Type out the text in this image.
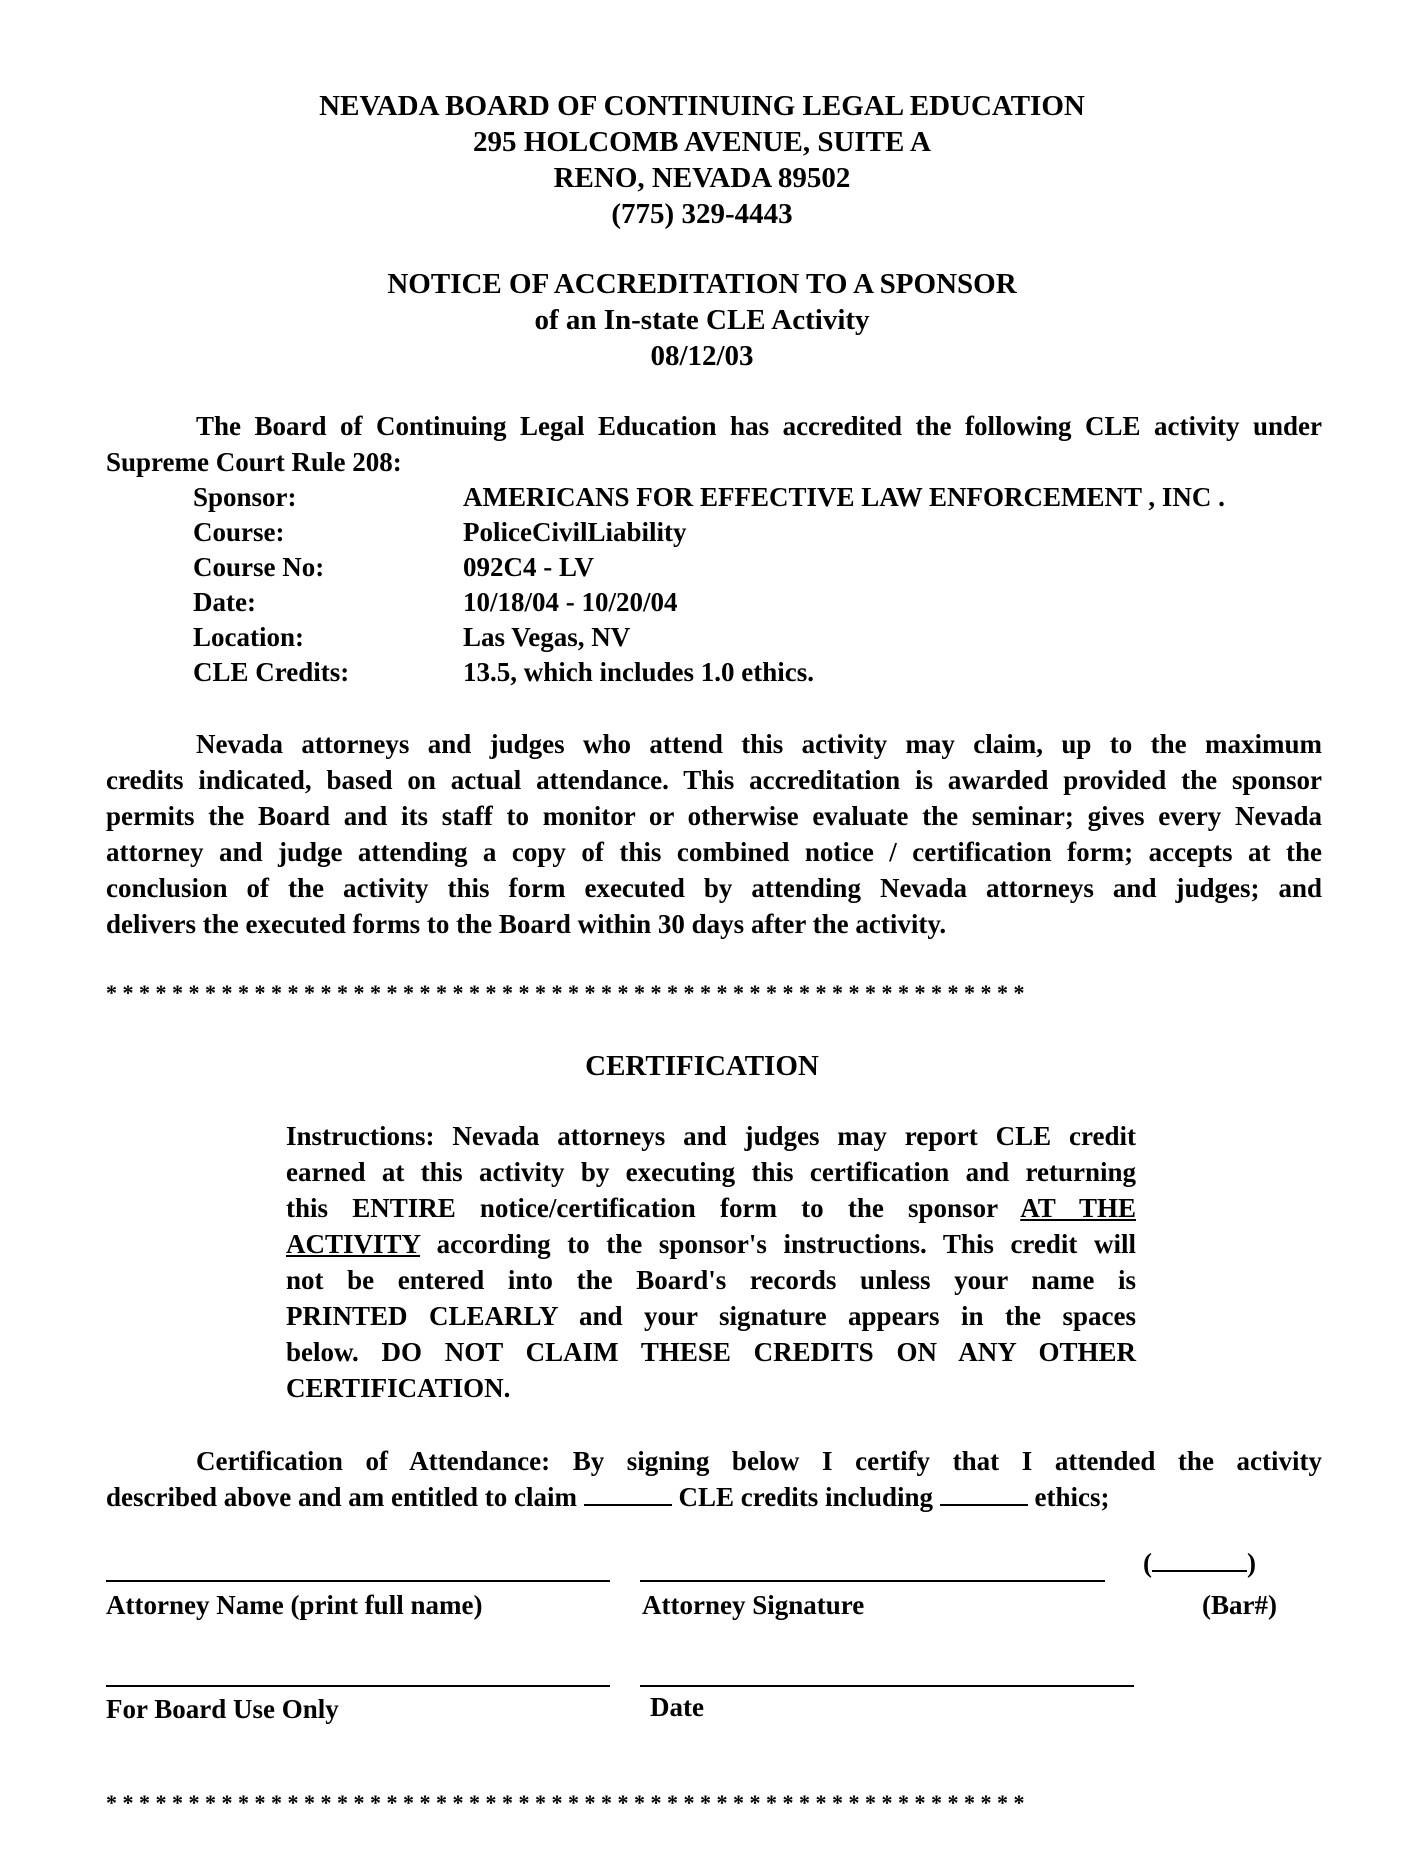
NEVADA BOARD OF CONTINUING LEGAL EDUCATION
295 HOLCOMB AVENUE, SUITE A
RENO, NEVADA 89502
(775) 329-4443
NOTICE OF ACCREDITATION TO A SPONSOR
of an In-state CLE Activity
08/12/03
The Board of Continuing Legal Education has accredited the following CLE activity under
Supreme Court Rule 208:
Sponsor:	AMERICANS FOR EFFECTIVE LAW ENFORCEMENT , INC .
Course:	PoliceCivilLiability
Course No:	092C4 - LV
Date:	10/18/04 - 10/20/04
Location:	Las Vegas, NV
CLE Credits:	13.5, which includes 1.0 ethics.
Nevada attorneys and judges who attend this activity may claim, up to the maximum
credits indicated, based on actual attendance. This accreditation is awarded provided the sponsor
permits the Board and its staff to monitor or otherwise evaluate the seminar; gives every Nevada
attorney and judge attending a copy of this combined notice / certification form; accepts at the
conclusion of the activity this form executed by attending Nevada attorneys and judges; and
delivers the executed forms to the Board within 30 days after the activity.
* * * * * * * * * * * * * * * * * * * * * * * * * * * * * * * * * * * * * * * * * * * * * * * * * * * * * * * *
CERTIFICATION
Instructions: Nevada attorneys and judges may report CLE credit
earned at this activity by executing this certification and returning
this ENTIRE notice/certification form to the sponsor AT THE
ACTIVITY according to the sponsor's instructions. This credit will
not be entered into the Board's records unless your name is
PRINTED CLEARLY and your signature appears in the spaces
below. DO NOT CLAIM THESE CREDITS ON ANY OTHER
CERTIFICATION.
Certification of Attendance: By signing below I certify that I attended the activity
described above and am entitled to claim	CLE credits including	ethics;
(	)
Attorney Name (print full name)	Attorney Signature	(Bar#)
For Board Use Only	Date
* * * * * * * * * * * * * * * * * * * * * * * * * * * * * * * * * * * * * * * * * * * * * * * * * * * * * * * *
